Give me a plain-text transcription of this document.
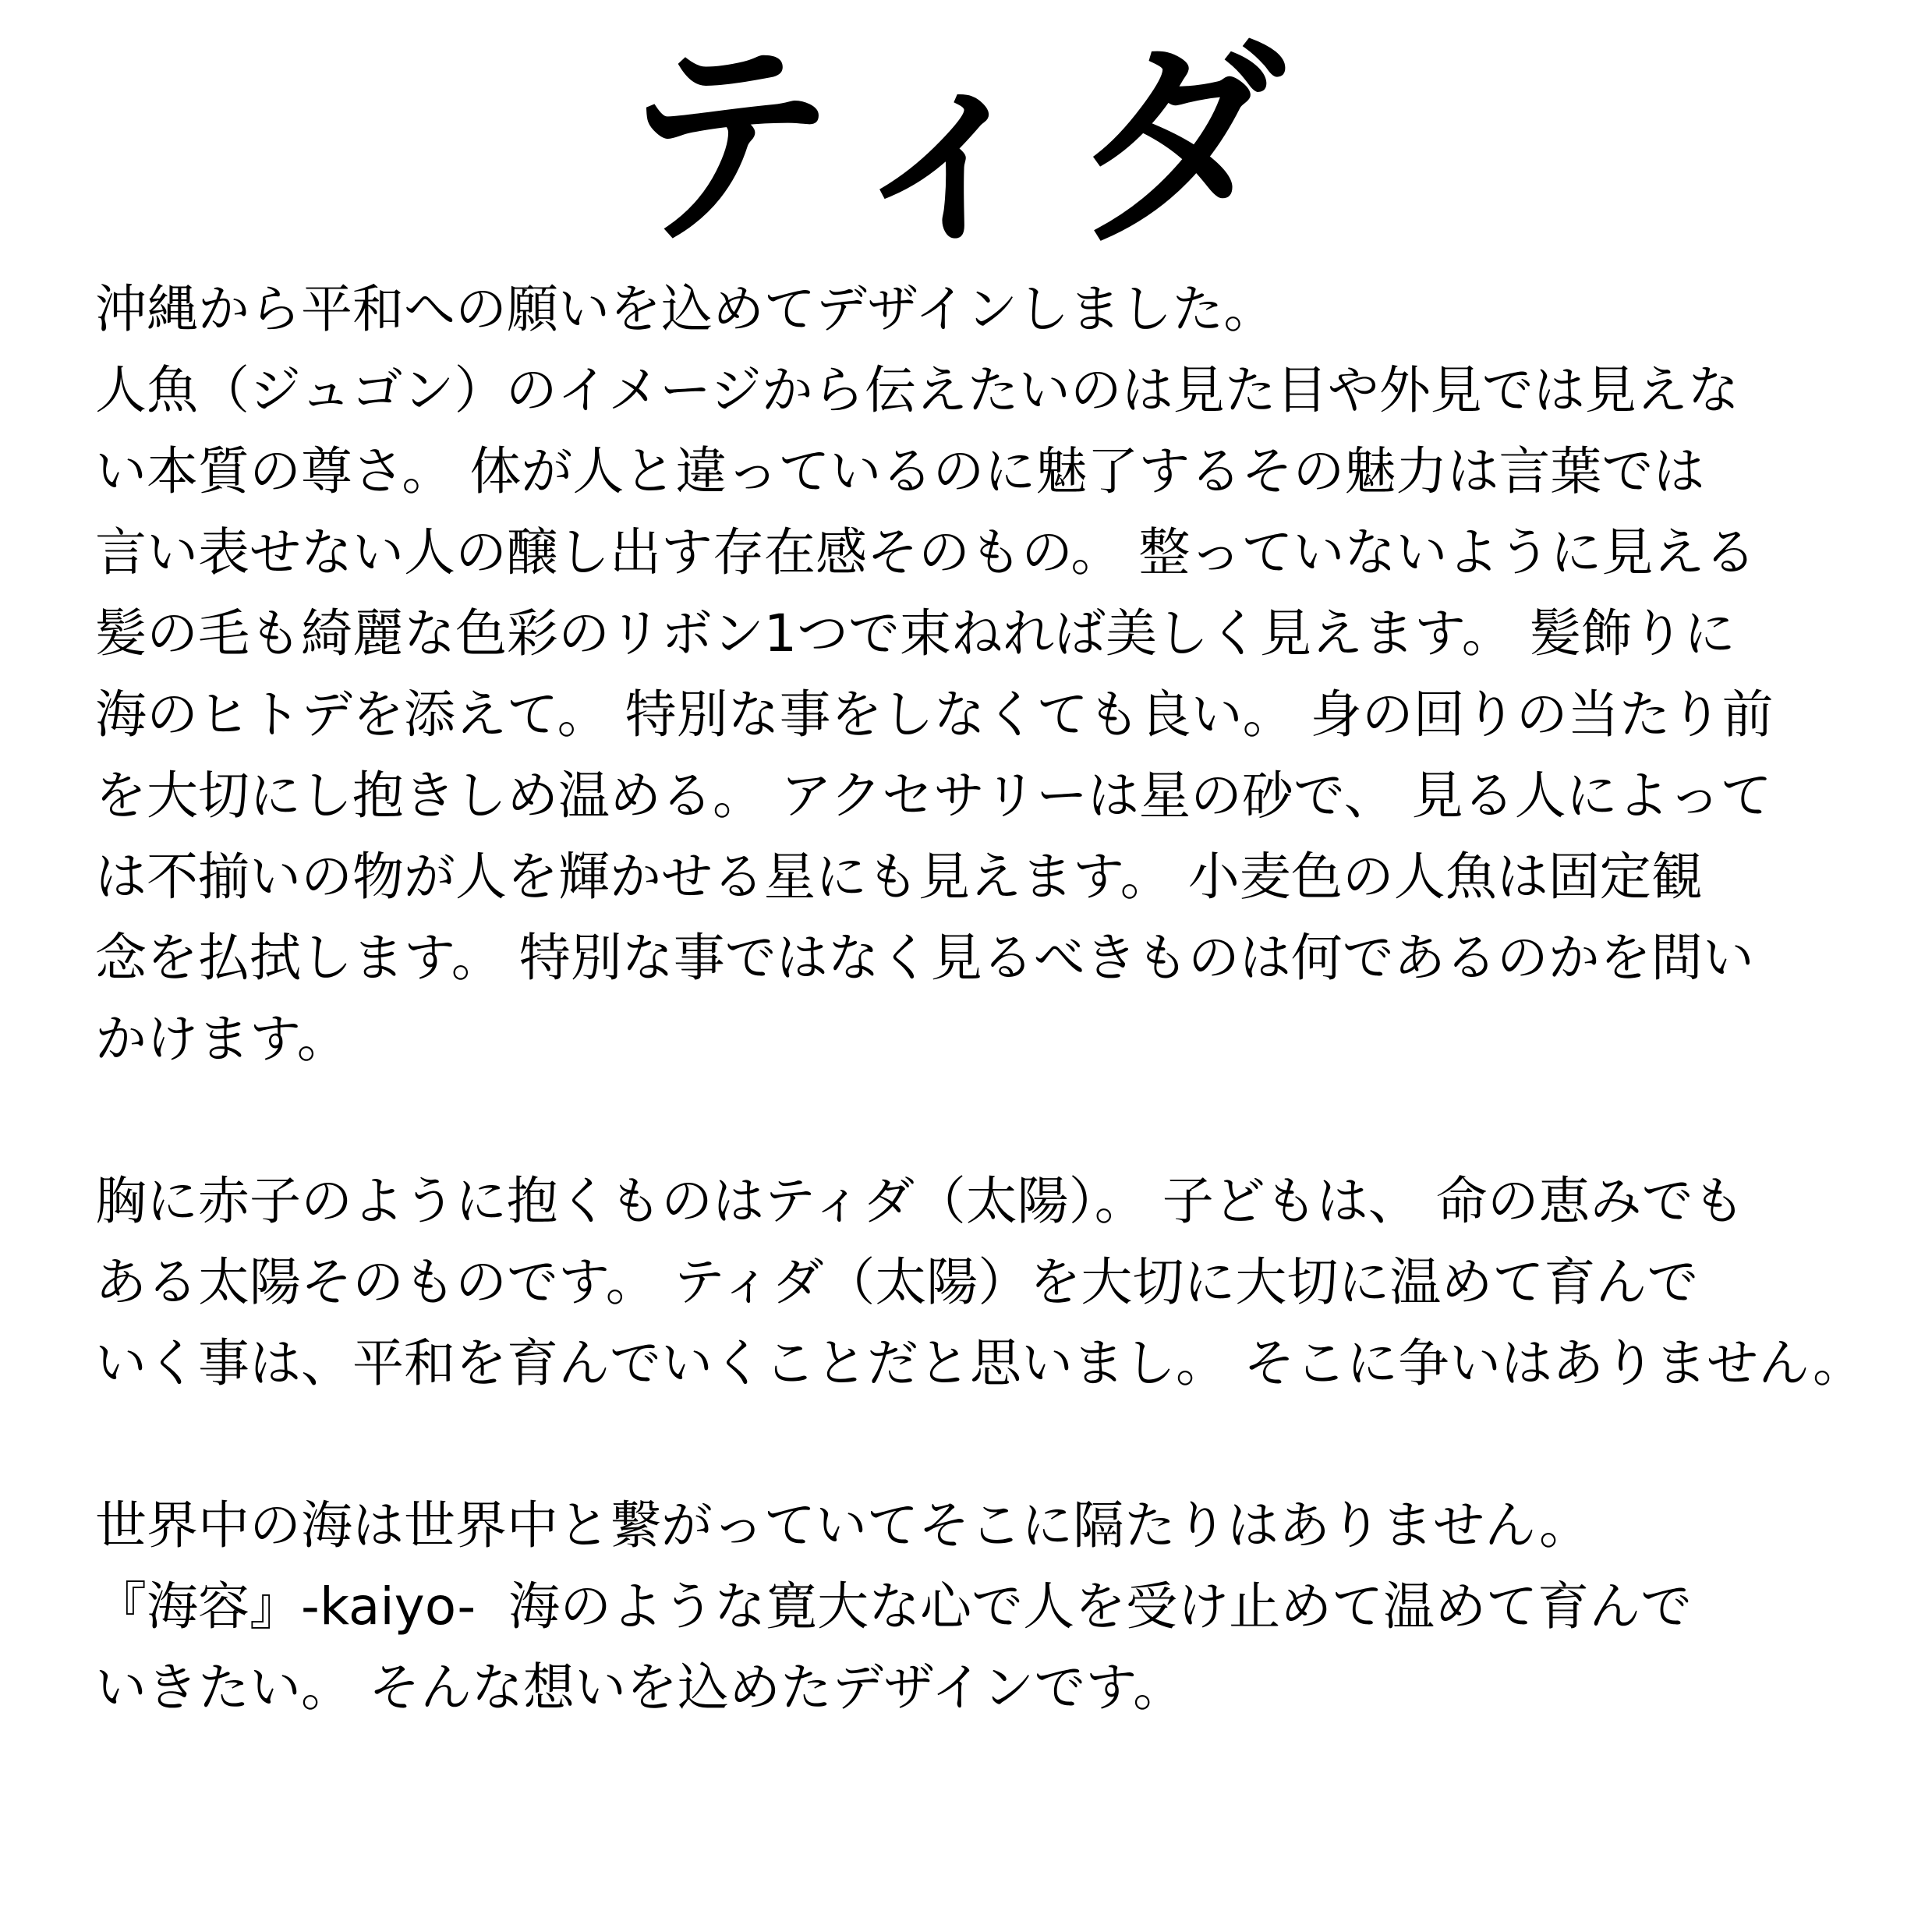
ティダ
沖縄から平和への願いを込めてデザインしました。
人魚（ジュゴン）のイメージから伝えたいのは見た目や外見では見えな
い本質の尊さ。 体が人と違っているのに魅了するその魅力は言葉では
言い表せない人の醸し出す存在感そのもの。 整っていないように見える
髪の毛も綺麗な色彩のリボン1つで束ねれば美しく見えます。 髪飾りに
海のヒトデを添えて。 特別な事をしなくても良い。 身の回りの当たり前
を大切にし抱きしめ温める。 アクセサリーは星の砂で、 見る人によって
は不揃いの物が人を輝かせる星にも見えます。 小麦色の人魚は固定観
念を払拭します。 特別な事ではなく見るべきものは何であるのかを問い
かけます。
胸に赤子のように抱くものはティダ（太陽）。 子どもは、 命の恵みでも
ある太陽そのものです。 ティダ（太陽）を大切に大切に温めて育んで
いく事は、平和を育んでいくことだと思いまし。 そこに争いはありません。
世界中の海は世界中と繋がっていてそこに隔たりはありません。
『海容』-kaiyo-  海のような寛大な心で人を受け止めて温めて育んで
いきたい。 そんな想いを込めたデザインです。
